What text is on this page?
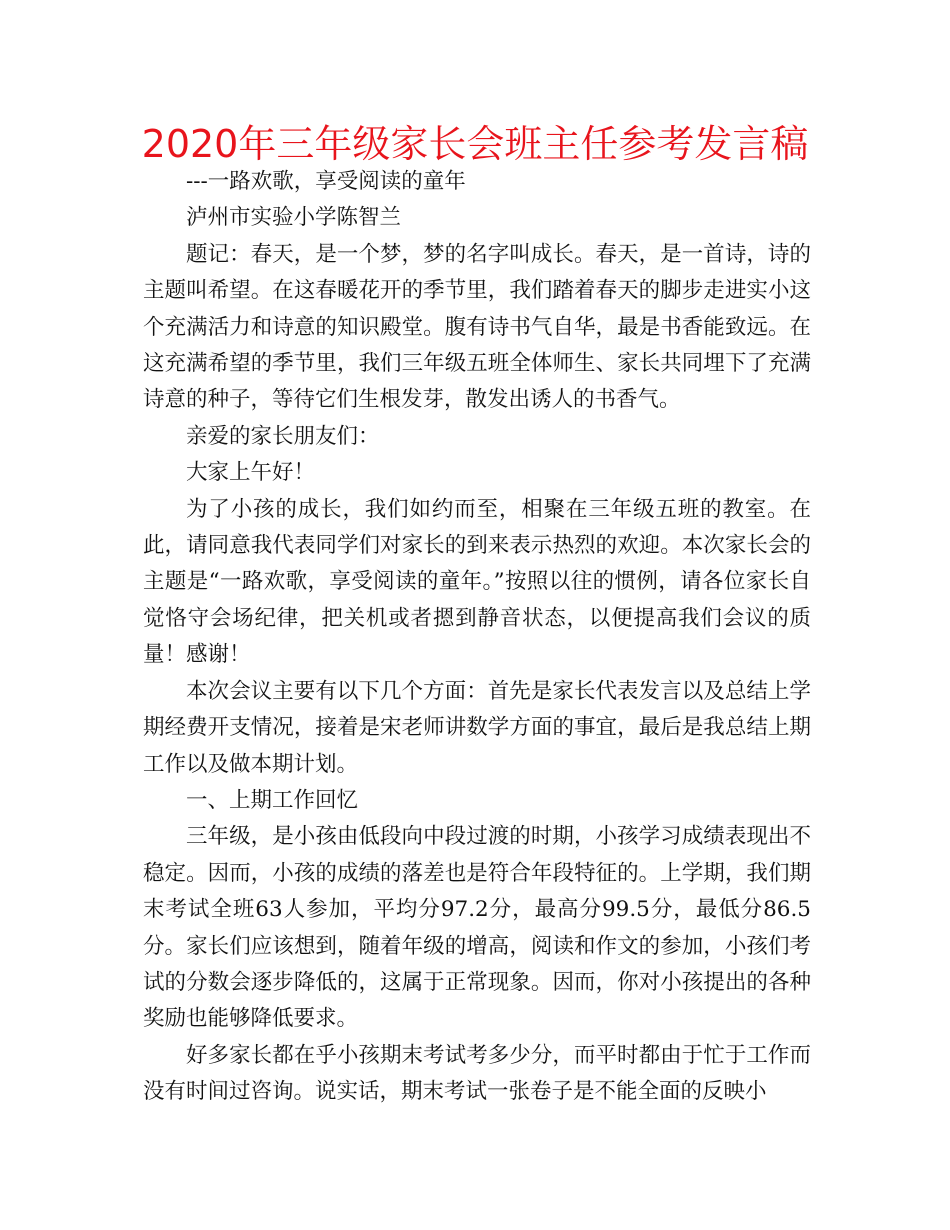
2020年三年级家长会班主任参考发言稿

---一路欢歌，享受阅读的童年

泸州市实验小学陈智兰

题记：春天，是一个梦，梦的名字叫成长。春天，是一首诗，诗的主题叫希望。在这春暖花开的季节里，我们踏着春天的脚步走进实小这个充满活力和诗意的知识殿堂。腹有诗书气自华，最是书香能致远。在这充满希望的季节里，我们三年级五班全体师生、家长共同埋下了充满诗意的种子，等待它们生根发芽，散发出诱人的书香气。

亲爱的家长朋友们：

大家上午好！

为了小孩的成长，我们如约而至，相聚在三年级五班的教室。在此，请同意我代表同学们对家长的到来表示热烈的欢迎。本次家长会的主题是“一路欢歌，享受阅读的童年。”按照以往的惯例，请各位家长自觉恪守会场纪律，把关机或者摁到静音状态，以便提高我们会议的质量！感谢！

本次会议主要有以下几个方面：首先是家长代表发言以及总结上学期经费开支情况，接着是宋老师讲数学方面的事宜，最后是我总结上期工作以及做本期计划。

一、上期工作回忆

三年级，是小孩由低段向中段过渡的时期，小孩学习成绩表现出不稳定。因而，小孩的成绩的落差也是符合年段特征的。上学期，我们期末考试全班63人参加，平均分97.2分，最高分99.5分，最低分86.5分。家长们应该想到，随着年级的增高，阅读和作文的参加，小孩们考试的分数会逐步降低的，这属于正常现象。因而，你对小孩提出的各种奖励也能够降低要求。

好多家长都在乎小孩期末考试考多少分，而平时都由于忙于工作而没有时间过咨询。说实话，期末考试一张卷子是不能全面的反映小
